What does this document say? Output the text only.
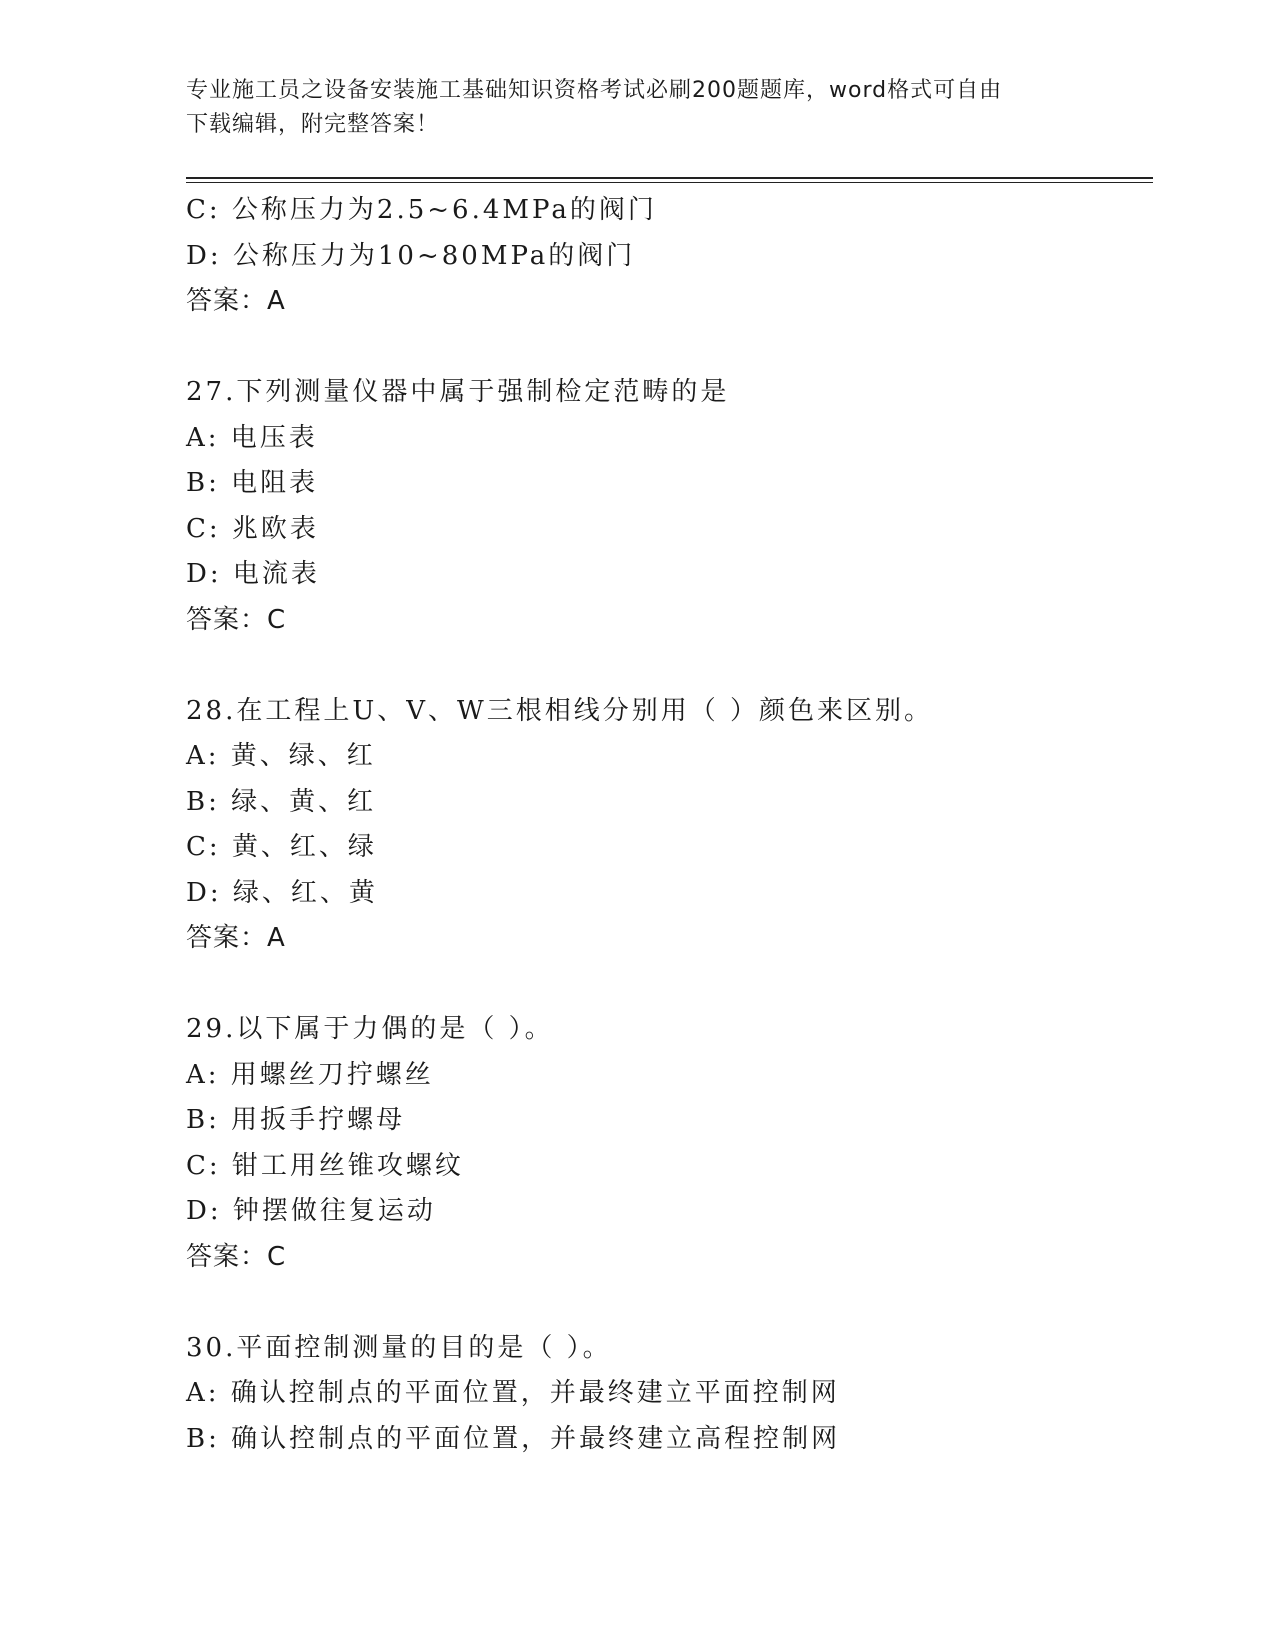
专业施工员之设备安装施工基础知识资格考试必刷200题题库，word格式可自由
下载编辑，附完整答案！
C: 公称压力为2.5~6.4MPa的阀门
D: 公称压力为10~80MPa的阀门
答案：A
27.下列测量仪器中属于强制检定范畴的是
A: 电压表
B: 电阻表
C: 兆欧表
D: 电流表
答案：C
28.在工程上U、V、W三根相线分别用（ ）颜色来区别。
A: 黄、绿、红
B: 绿、黄、红
C: 黄、红、绿
D: 绿、红、黄
答案：A
29.以下属于力偶的是（ ）。
A: 用螺丝刀拧螺丝
B: 用扳手拧螺母
C: 钳工用丝锥攻螺纹
D: 钟摆做往复运动
答案：C
30.平面控制测量的目的是（ ）。
A: 确认控制点的平面位置，并最终建立平面控制网
B: 确认控制点的平面位置，并最终建立高程控制网
